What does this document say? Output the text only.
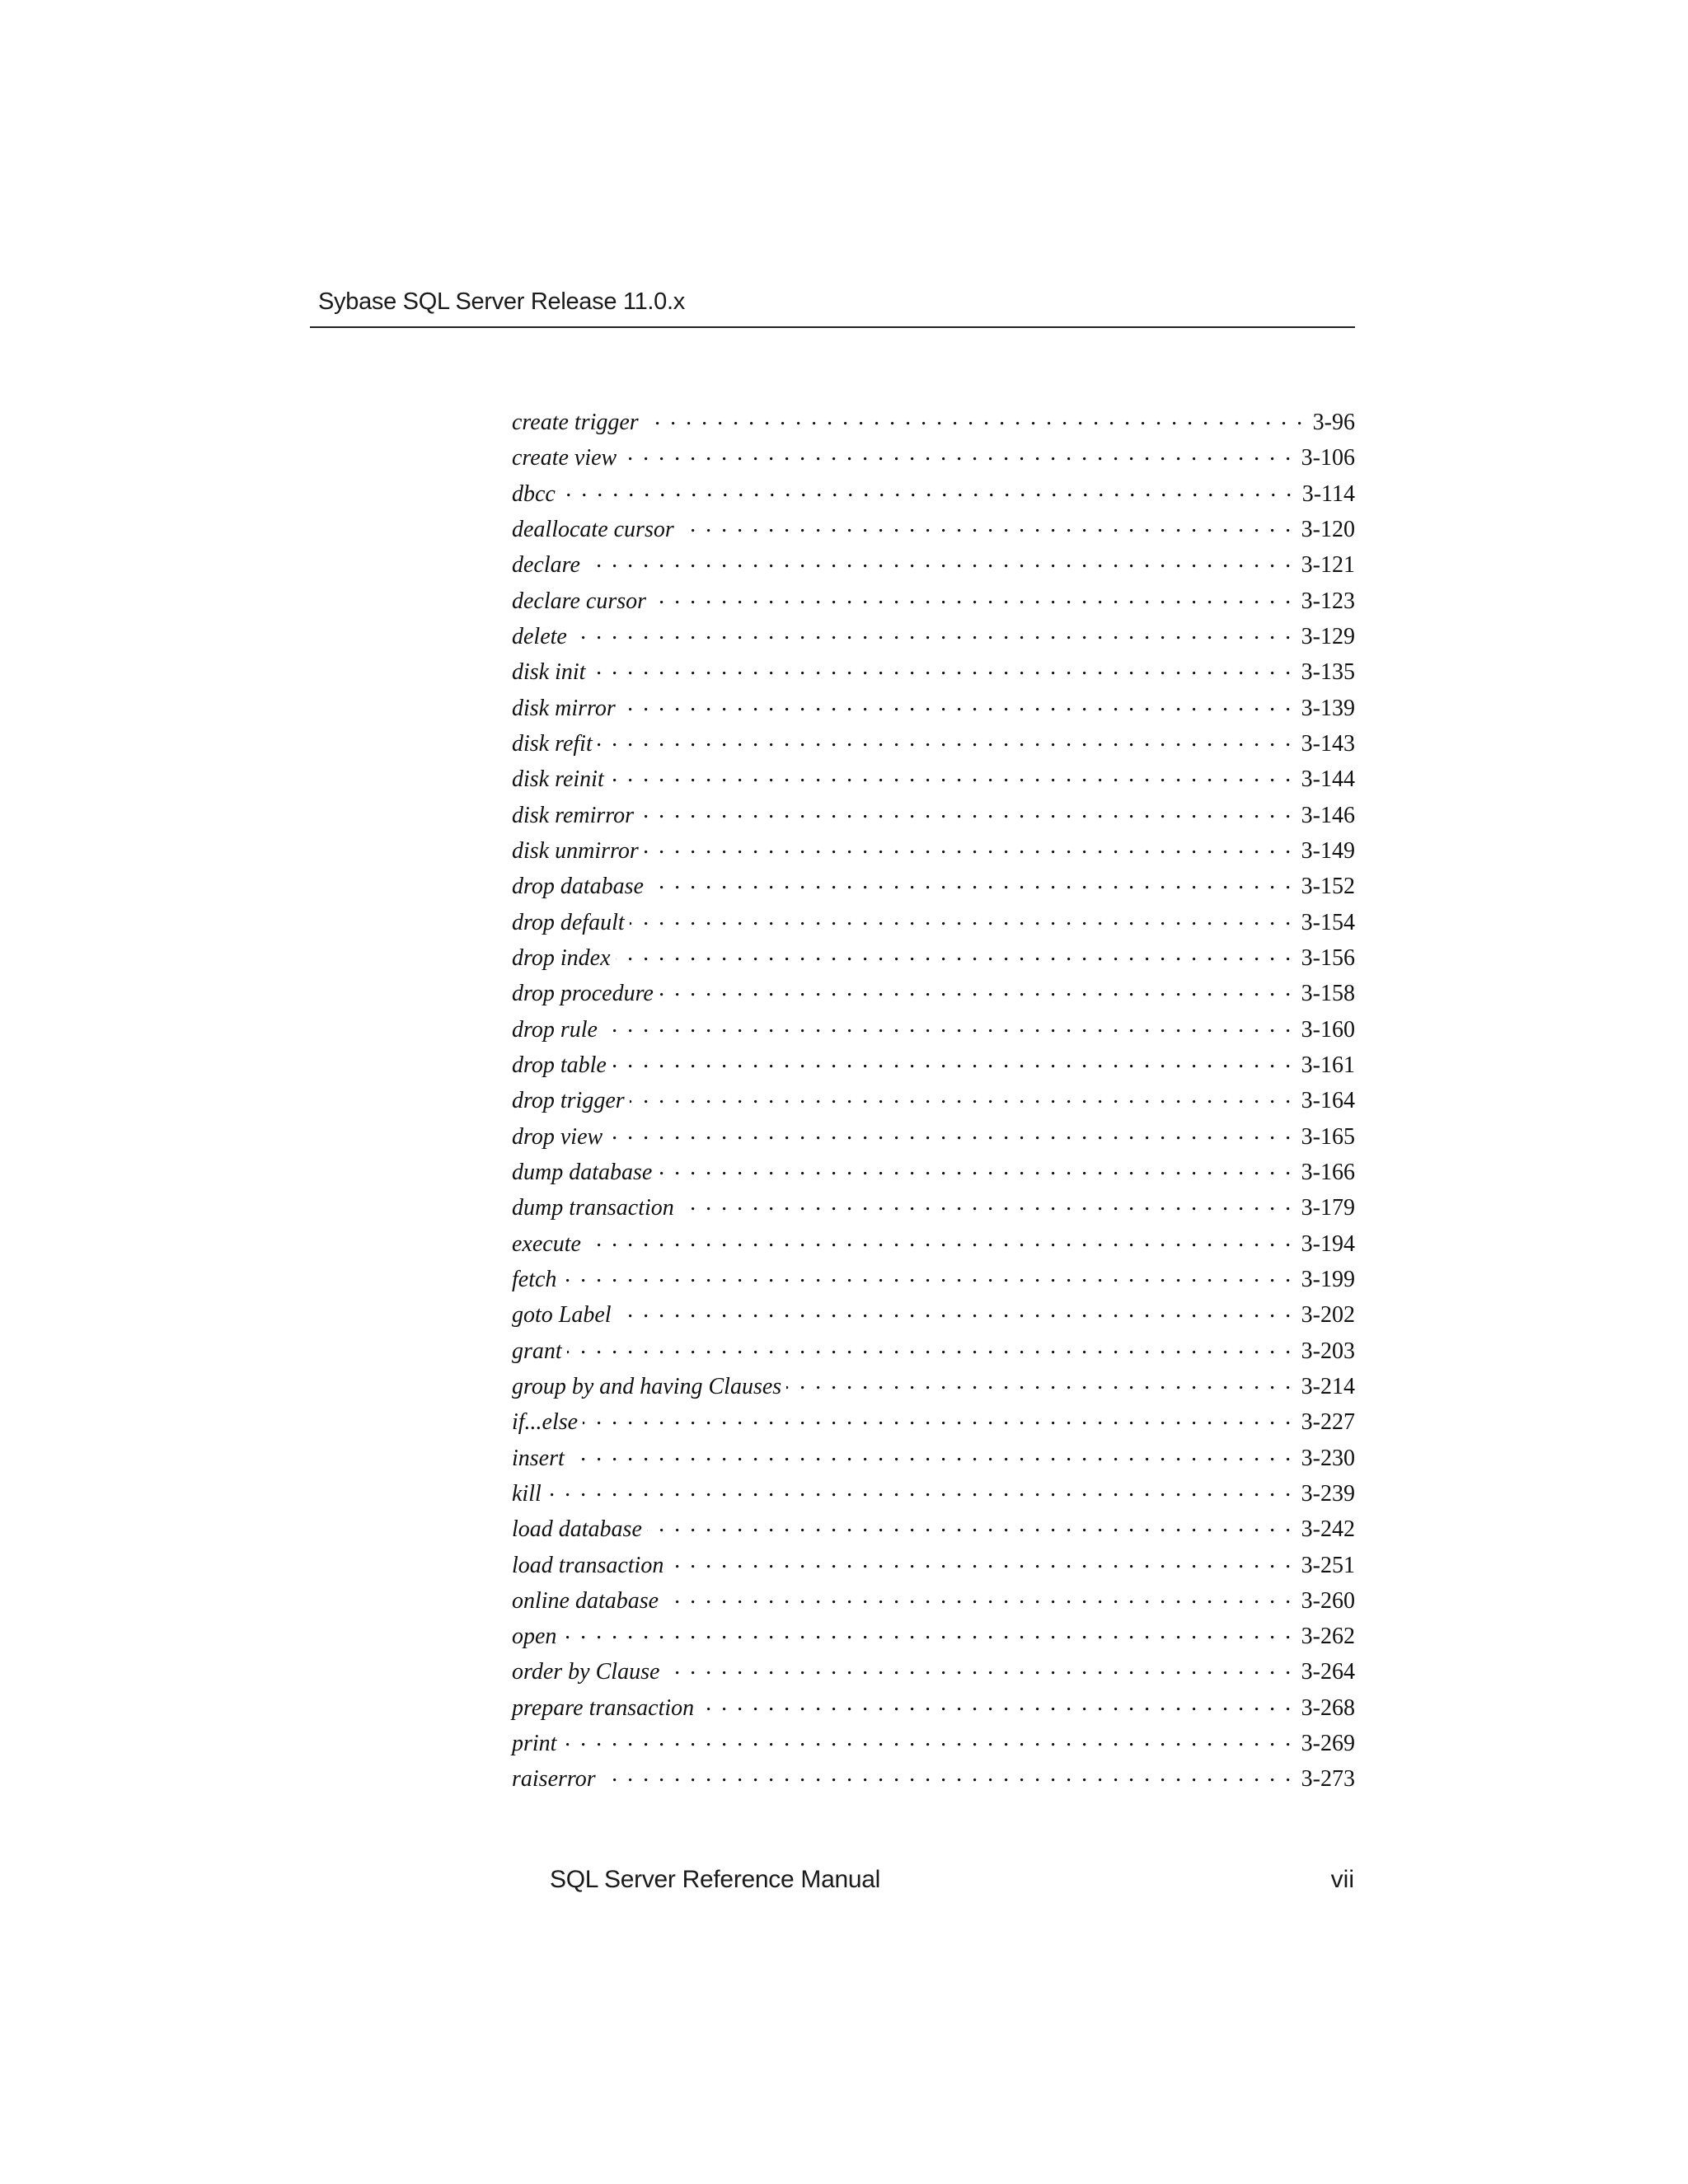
Sybase SQL Server Release 11.0.x
create trigger . . .	3-96
create view . . .	3-106
dbcc . . .	3-114
deallocate cursor . . .	3-120
declare . . .	3-121
declare cursor . . .	3-123
delete . . .	3-129
disk init . . .	3-135
disk mirror . . .	3-139
disk refit . . .	3-143
disk reinit . . .	3-144
disk remirror . . .	3-146
disk unmirror . . .	3-149
drop database . . .	3-152
drop default . . .	3-154
drop index . . .	3-156
drop procedure . . .	3-158
drop rule . . .	3-160
drop table . . .	3-161
drop trigger . . .	3-164
drop view . . .	3-165
dump database . . .	3-166
dump transaction . . .	3-179
execute . . .	3-194
fetch . . .	3-199
goto Label . . .	3-202
grant . . .	3-203
group by and having Clauses . . .	3-214
if...else . . .	3-227
insert . . .	3-230
kill . . .	3-239
load database . . .	3-242
load transaction . . .	3-251
online database . . .	3-260
open . . .	3-262
order by Clause . . .	3-264
prepare transaction . . .	3-268
print . . .	3-269
raiserror . . .	3-273
SQL Server Reference Manual	vii
